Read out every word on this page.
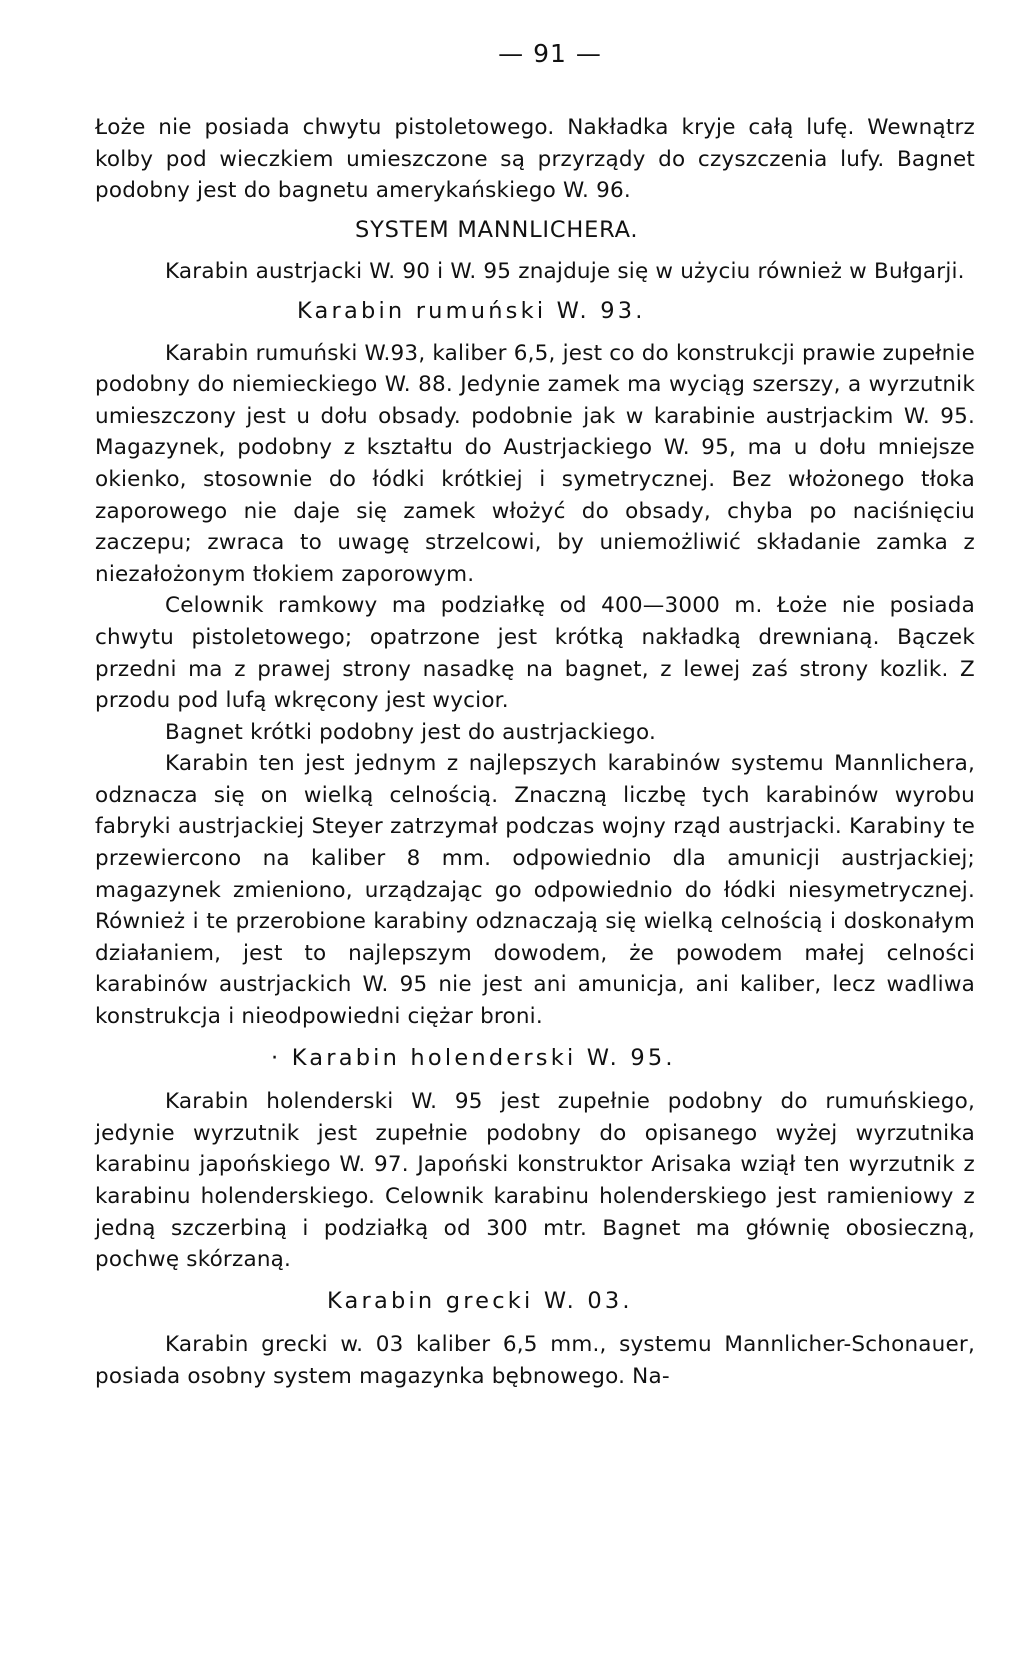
— 91 —

Łoże nie posiada chwytu pistoletowego. Nakładka kryje całą lufę. Wewnątrz kolby pod wieczkiem umieszczone są przyrządy do czyszczenia lufy. Bagnet podobny jest do bagnetu amerykańskiego W. 96.

SYSTEM MANNLICHERA.

Karabin austrjacki W. 90 i W. 95 znajduje się w użyciu również w Bułgarji.

Karabin rumuński W. 93.

Karabin rumuński W.93, kaliber 6,5, jest co do konstrukcji prawie zupełnie podobny do niemieckiego W. 88. Jedynie zamek ma wyciąg szerszy, a wyrzutnik umieszczony jest u dołu obsady. podobnie jak w karabinie austrjackim W. 95. Magazynek, podobny z kształtu do Austrjackiego W. 95, ma u dołu mniejsze okienko, stosownie do łódki krótkiej i symetrycznej. Bez włożonego tłoka zaporowego nie daje się zamek włożyć do obsady, chyba po naciśnięciu zaczepu; zwraca to uwagę strzelcowi, by uniemożliwić składanie zamka z niezałożonym tłokiem zaporowym.

Celownik ramkowy ma podziałkę od 400—3000 m. Łoże nie posiada chwytu pistoletowego; opatrzone jest krótką nakładką drewnianą. Bączek przedni ma z prawej strony nasadkę na bagnet, z lewej zaś strony kozlik. Z przodu pod lufą wkręcony jest wycior.

Bagnet krótki podobny jest do austrjackiego.

Karabin ten jest jednym z najlepszych karabinów systemu Mannlichera, odznacza się on wielką celnością. Znaczną liczbę tych karabinów wyrobu fabryki austrjackiej Steyer zatrzymał podczas wojny rząd austrjacki. Karabiny te przewiercono na kaliber 8 mm. odpowiednio dla amunicji austrjackiej; magazynek zmieniono, urządzając go odpowiednio do łódki niesymetrycznej. Również i te przerobione karabiny odznaczają się wielką celnością i doskonałym działaniem, jest to najlepszym dowodem, że powodem małej celności karabinów austrjackich W. 95 nie jest ani amunicja, ani kaliber, lecz wadliwa konstrukcja i nieodpowiedni ciężar broni.

· Karabin holenderski W. 95.

Karabin holenderski W. 95 jest zupełnie podobny do rumuńskiego, jedynie wyrzutnik jest zupełnie podobny do opisanego wyżej wyrzutnika karabinu japońskiego W. 97. Japoński konstruktor Arisaka wziął ten wyrzutnik z karabinu holenderskiego. Celownik karabinu holenderskiego jest ramieniowy z jedną szczerbiną i podziałką od 300 mtr. Bagnet ma głównię obosieczną, pochwę skórzaną.

Karabin grecki W. 03.

Karabin grecki w. 03 kaliber 6,5 mm., systemu Mannlicher-Schonauer, posiada osobny system magazynka bębnowego. Na-
